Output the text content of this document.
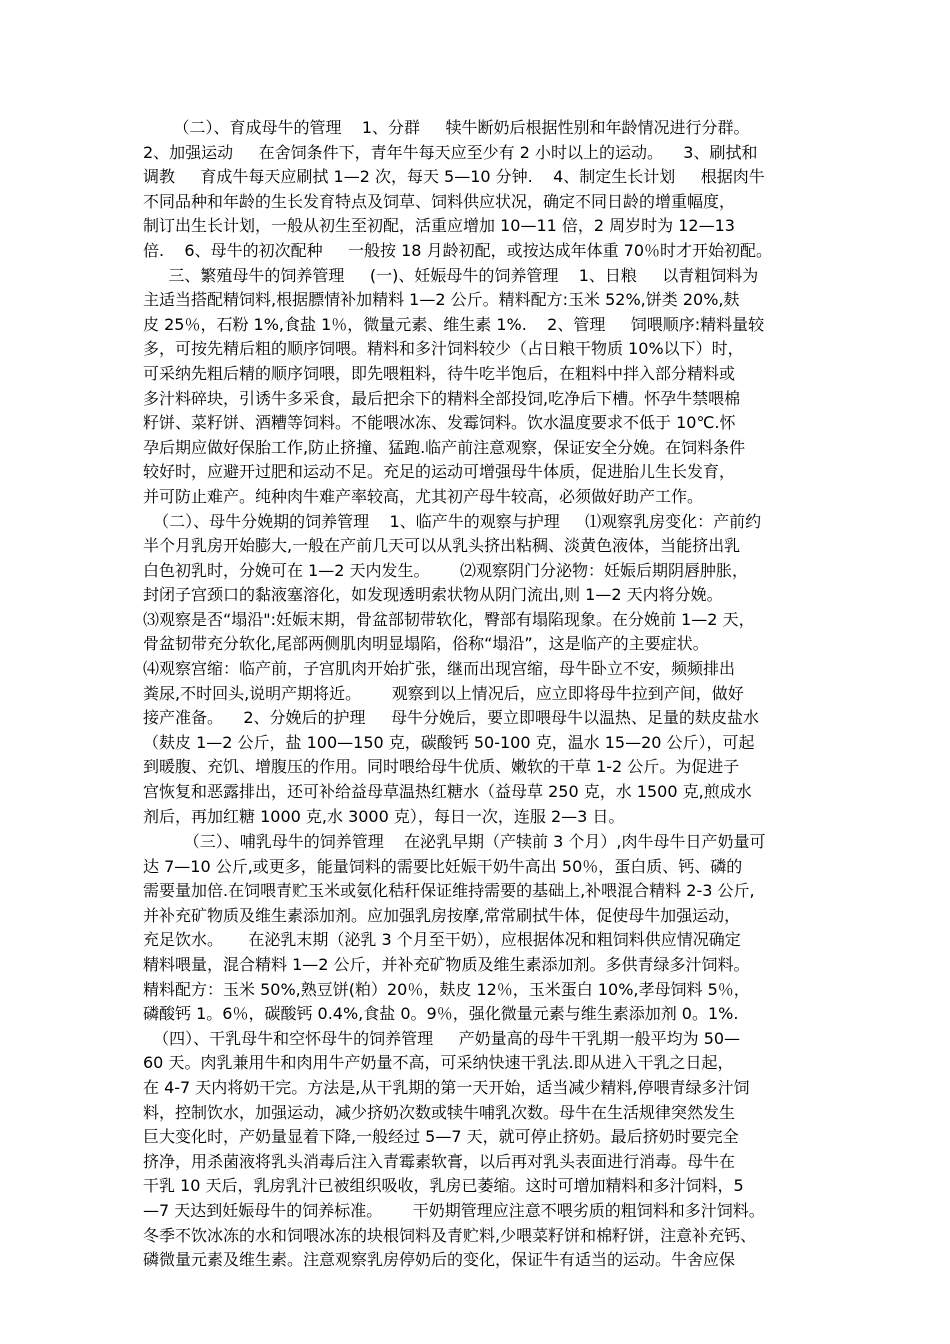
（二）、育成母牛的管理    1、分群     犊牛断奶后根据性别和年龄情况进行分群。
2、加强运动     在舍饲条件下，青年牛每天应至少有 2 小时以上的运动。    3、刷拭和
调教     育成牛每天应刷拭 1—2 次，每天 5—10 分钟.    4、制定生长计划     根据肉牛
不同品种和年龄的生长发育特点及饲草、饲料供应状况，确定不同日龄的增重幅度，
制订出生长计划，一般从初生至初配，活重应增加 10—11 倍，2 周岁时为 12—13
倍.    6、母牛的初次配种     一般按 18 月龄初配，或按达成年体重 70％时才开始初配。
三、繁殖母牛的饲养管理     (一)、妊娠母牛的饲养管理    1、日粮     以青粗饲料为
主适当搭配精饲料,根据膘情补加精料 1—2 公斤。精料配方:玉米 52%,饼类 20%,麸
皮 25％，石粉 1%,食盐 1％，微量元素、维生素 1%.    2、管理     饲喂顺序:精料量较
多，可按先精后粗的顺序饲喂。精料和多汁饲料较少（占日粮干物质 10%以下）时，
可采纳先粗后精的顺序饲喂，即先喂粗料，待牛吃半饱后，在粗料中拌入部分精料或
多汁料碎块，引诱牛多采食，最后把余下的精料全部投饲,吃净后下槽。怀孕牛禁喂棉
籽饼、菜籽饼、酒糟等饲料。不能喂冰冻、发霉饲料。饮水温度要求不低于 10℃.怀
孕后期应做好保胎工作,防止挤撞、猛跑.临产前注意观察，保证安全分娩。在饲料条件
较好时，应避开过肥和运动不足。充足的运动可增强母牛体质，促进胎儿生长发育，
并可防止难产。纯种肉牛难产率较高，尤其初产母牛较高，必须做好助产工作。
（二）、母牛分娩期的饲养管理    1、临产牛的观察与护理     ⑴观察乳房变化：产前约
半个月乳房开始膨大,一般在产前几天可以从乳头挤出粘稠、淡黄色液体，当能挤出乳
白色初乳时，分娩可在 1—2 天内发生。      ⑵观察阴门分泌物：妊娠后期阴唇肿胀，
封闭子宫颈口的黏液塞溶化，如发现透明索状物从阴门流出,则 1—2 天内将分娩。
⑶观察是否“塌沿":妊娠末期，骨盆部韧带软化，臀部有塌陷现象。在分娩前 1—2 天，
骨盆韧带充分软化,尾部两侧肌肉明显塌陷，俗称“塌沿”，这是临产的主要症状。
⑷观察宫缩：临产前，子宫肌肉开始扩张，继而出现宫缩，母牛卧立不安，频频排出
粪尿,不时回头,说明产期将近。      观察到以上情况后，应立即将母牛拉到产间，做好
接产准备。    2、分娩后的护理     母牛分娩后，要立即喂母牛以温热、足量的麸皮盐水
（麸皮 1—2 公斤，盐 100—150 克，碳酸钙 50-100 克，温水 15—20 公斤），可起
到暖腹、充饥、增腹压的作用。同时喂给母牛优质、嫩软的干草 1-2 公斤。为促进子
宫恢复和恶露排出，还可补给益母草温热红糖水（益母草 250 克，水 1500 克,煎成水
剂后，再加红糖 1000 克,水 3000 克），每日一次，连服 2—3 日。
（三）、哺乳母牛的饲养管理    在泌乳早期（产犊前 3 个月）,肉牛母牛日产奶量可
达 7—10 公斤,或更多，能量饲料的需要比妊娠干奶牛高出 50％，蛋白质、钙、磷的
需要量加倍.在饲喂青贮玉米或氨化秸秆保证维持需要的基础上,补喂混合精料 2-3 公斤,
并补充矿物质及维生素添加剂。应加强乳房按摩,常常刷拭牛体，促使母牛加强运动，
充足饮水。     在泌乳末期（泌乳 3 个月至干奶），应根据体况和粗饲料供应情况确定
精料喂量，混合精料 1—2 公斤，并补充矿物质及维生素添加剂。多供青绿多汁饲料。
精料配方：玉米 50%,熟豆饼(粕）20％，麸皮 12％，玉米蛋白 10%,孝母饲料 5％，
磷酸钙 1。6％，碳酸钙 0.4%,食盐 0。9％，强化微量元素与维生素添加剂 0。1%.
（四）、干乳母牛和空怀母牛的饲养管理     产奶量高的母牛干乳期一般平均为 50—
60 天。肉乳兼用牛和肉用牛产奶量不高，可采纳快速干乳法.即从进入干乳之日起，
在 4-7 天内将奶干完。方法是,从干乳期的第一天开始，适当减少精料,停喂青绿多汁饲
料，控制饮水，加强运动，减少挤奶次数或犊牛哺乳次数。母牛在生活规律突然发生
巨大变化时，产奶量显着下降,一般经过 5—7 天，就可停止挤奶。最后挤奶时要完全
挤净，用杀菌液将乳头消毒后注入青霉素软膏，以后再对乳头表面进行消毒。母牛在
干乳 10 天后，乳房乳汁已被组织吸收，乳房已萎缩。这时可增加精料和多汁饲料，5
—7 天达到妊娠母牛的饲养标准。      干奶期管理应注意不喂劣质的粗饲料和多汁饲料。
冬季不饮冰冻的水和饲喂冰冻的块根饲料及青贮料,少喂菜籽饼和棉籽饼，注意补充钙、
磷微量元素及维生素。注意观察乳房停奶后的变化，保证牛有适当的运动。牛舍应保
